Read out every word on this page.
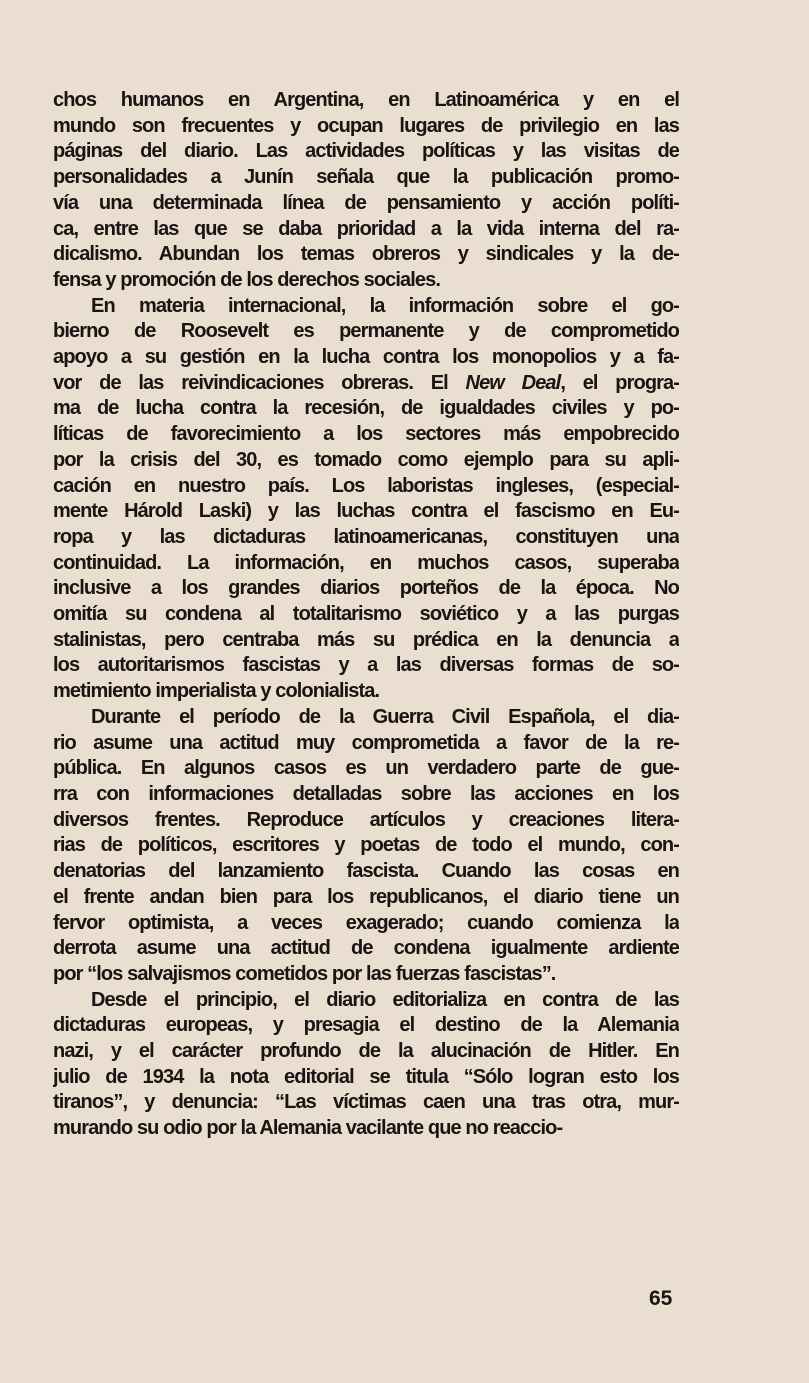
chos humanos en Argentina, en Latinoamérica y en el
mundo son frecuentes y ocupan lugares de privilegio en las
páginas del diario. Las actividades políticas y las visitas de
personalidades a Junín señala que la publicación promo-
vía una determinada línea de pensamiento y acción políti-
ca, entre las que se daba prioridad a la vida interna del ra-
dicalismo. Abundan los temas obreros y sindicales y la de-
fensa y promoción de los derechos sociales.
En materia internacional, la información sobre el go-
bierno de Roosevelt es permanente y de comprometido
apoyo a su gestión en la lucha contra los monopolios y a fa-
vor de las reivindicaciones obreras. El New Deal, el progra-
ma de lucha contra la recesión, de igualdades civiles y po-
líticas de favorecimiento a los sectores más empobrecido
por la crisis del 30, es tomado como ejemplo para su apli-
cación en nuestro país. Los laboristas ingleses, (especial-
mente Hárold Laski) y las luchas contra el fascismo en Eu-
ropa y las dictaduras latinoamericanas, constituyen una
continuidad. La información, en muchos casos, superaba
inclusive a los grandes diarios porteños de la época. No
omitía su condena al totalitarismo soviético y a las purgas
stalinistas, pero centraba más su prédica en la denuncia a
los autoritarismos fascistas y a las diversas formas de so-
metimiento imperialista y colonialista.
Durante el período de la Guerra Civil Española, el dia-
rio asume una actitud muy comprometida a favor de la re-
pública. En algunos casos es un verdadero parte de gue-
rra con informaciones detalladas sobre las acciones en los
diversos frentes. Reproduce artículos y creaciones litera-
rias de políticos, escritores y poetas de todo el mundo, con-
denatorias del lanzamiento fascista. Cuando las cosas en
el frente andan bien para los republicanos, el diario tiene un
fervor optimista, a veces exagerado; cuando comienza la
derrota asume una actitud de condena igualmente ardiente
por “los salvajismos cometidos por las fuerzas fascistas”.
Desde el principio, el diario editorializa en contra de las
dictaduras europeas, y presagia el destino de la Alemania
nazi, y el carácter profundo de la alucinación de Hitler. En
julio de 1934 la nota editorial se titula “Sólo logran esto los
tiranos”, y denuncia: “Las víctimas caen una tras otra, mur-
murando su odio por la Alemania vacilante que no reaccio-
65
